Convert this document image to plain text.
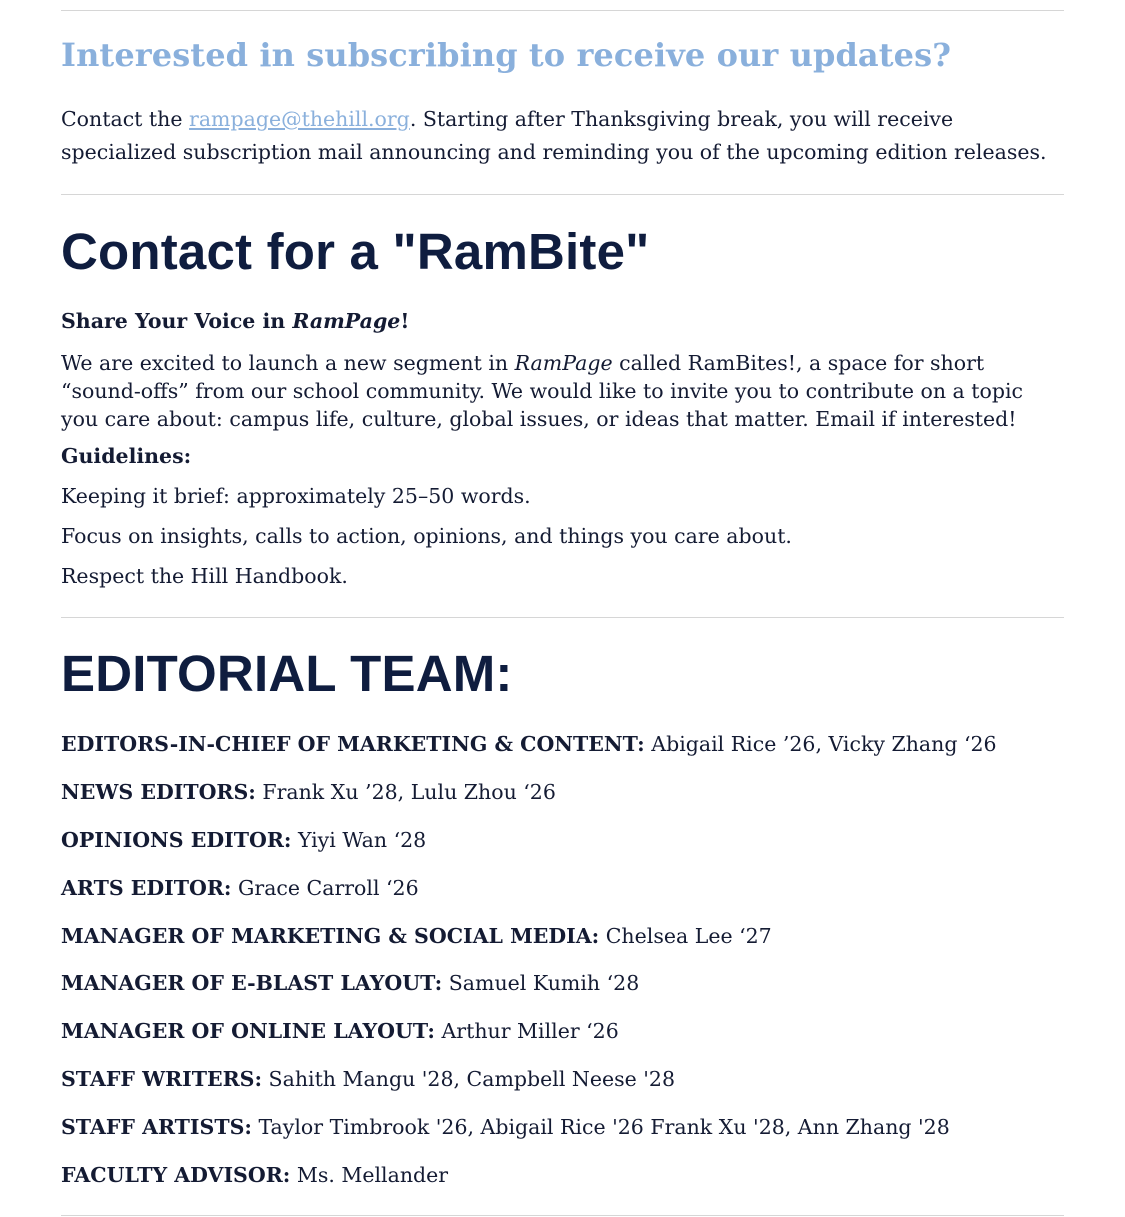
Interested in subscribing to receive our updates?

Contact the rampage@thehill.org. Starting after Thanksgiving break, you will receive specialized subscription mail announcing and reminding you of the upcoming edition releases.

Contact for a "RamBite"

Share Your Voice in RamPage!

We are excited to launch a new segment in RamPage called RamBites!, a space for short “sound-offs” from our school community. We would like to invite you to contribute on a topic you care about: campus life, culture, global issues, or ideas that matter. Email if interested!

Guidelines:

Keeping it brief: approximately 25–50 words.

Focus on insights, calls to action, opinions, and things you care about.

Respect the Hill Handbook.

EDITORIAL TEAM:

EDITORS-IN-CHIEF OF MARKETING & CONTENT: Abigail Rice ’26, Vicky Zhang ‘26

NEWS EDITORS: Frank Xu ’28, Lulu Zhou ‘26

OPINIONS EDITOR: Yiyi Wan ‘28

ARTS EDITOR: Grace Carroll ‘26

MANAGER OF MARKETING & SOCIAL MEDIA: Chelsea Lee ‘27

MANAGER OF E-BLAST LAYOUT: Samuel Kumih ‘28

MANAGER OF ONLINE LAYOUT: Arthur Miller ‘26

STAFF WRITERS: Sahith Mangu '28, Campbell Neese '28

STAFF ARTISTS: Taylor Timbrook '26, Abigail Rice '26 Frank Xu '28, Ann Zhang '28

FACULTY ADVISOR: Ms. Mellander
